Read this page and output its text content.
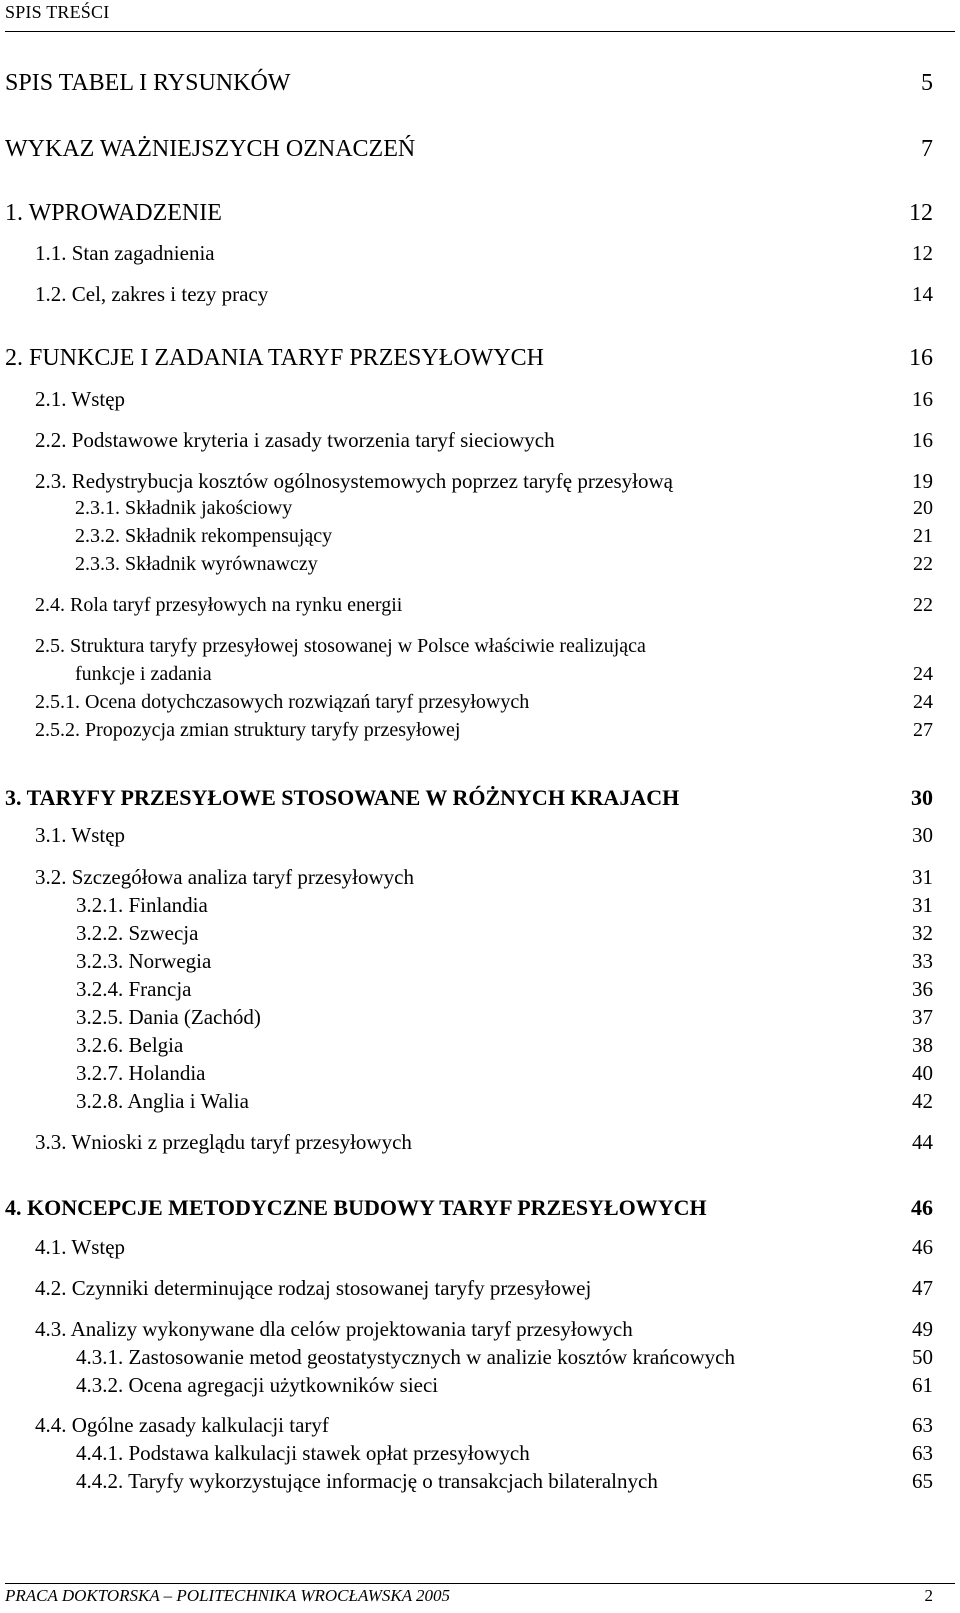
SPIS TREŚCI
SPIS TABEL I RYSUNKÓW	5
WYKAZ WAŻNIEJSZYCH OZNACZEŃ	7
1. WPROWADZENIE	12
1.1. Stan zagadnienia	12
1.2. Cel, zakres i tezy pracy	14
2. FUNKCJE I ZADANIA TARYF PRZESYŁOWYCH	16
2.1. Wstęp	16
2.2. Podstawowe kryteria i zasady tworzenia taryf sieciowych	16
2.3. Redystrybucja kosztów ogólnosystemowych poprzez taryfę przesyłową	19
2.3.1. Składnik jakościowy	20
2.3.2. Składnik rekompensujący	21
2.3.3. Składnik wyrównawczy	22
2.4. Rola taryf przesyłowych na rynku energii	22
2.5. Struktura taryfy przesyłowej stosowanej w Polsce właściwie realizująca
funkcje i zadania	24
2.5.1. Ocena dotychczasowych rozwiązań taryf przesyłowych	24
2.5.2. Propozycja zmian struktury taryfy przesyłowej	27
3. TARYFY PRZESYŁOWE STOSOWANE W RÓŻNYCH KRAJACH	30
3.1. Wstęp	30
3.2. Szczegółowa analiza taryf przesyłowych	31
3.2.1. Finlandia	31
3.2.2. Szwecja	32
3.2.3. Norwegia	33
3.2.4. Francja	36
3.2.5. Dania (Zachód)	37
3.2.6. Belgia	38
3.2.7. Holandia	40
3.2.8. Anglia i Walia	42
3.3. Wnioski z przeglądu taryf przesyłowych	44
4. KONCEPCJE METODYCZNE BUDOWY TARYF PRZESYŁOWYCH	46
4.1. Wstęp	46
4.2. Czynniki determinujące rodzaj stosowanej taryfy przesyłowej	47
4.3. Analizy wykonywane dla celów projektowania taryf przesyłowych	49
4.3.1. Zastosowanie metod geostatystycznych w analizie kosztów krańcowych	50
4.3.2. Ocena agregacji użytkowników sieci	61
4.4. Ogólne zasady kalkulacji taryf	63
4.4.1. Podstawa kalkulacji stawek opłat przesyłowych	63
4.4.2. Taryfy wykorzystujące informację o transakcjach bilateralnych	65
PRACA DOKTORSKA – POLITECHNIKA WROCŁAWSKA 2005	2
